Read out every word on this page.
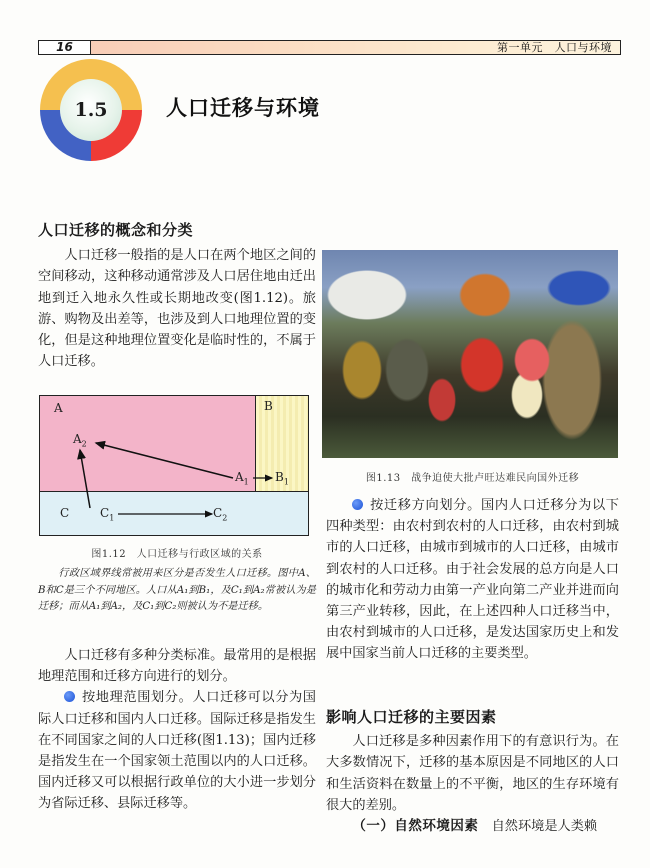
16	第一单元　人口与环境
1.5	人口迁移与环境
人口迁移的概念和分类

人口迁移一般指的是人口在两个地区之间的空间移动，这种移动通常涉及人口居住地由迁出地到迁入地永久性或长期地改变(图1.12)。旅游、购物及出差等，也涉及到人口地理位置的变化，但是这种地理位置变化是临时性的，不属于人口迁移。

A	B
C
$A_2$
$A_1$ $B_1$
$C_1$	$C_2$
图1.12　人口迁移与行政区域的关系

行政区域界线常被用来区分是否发生人口迁移。图中A、B和C是三个不同地区。人口从A₁到B₁，及C₁到A₂常被认为是迁移；而从A₁到A₂，及C₁到C₂则被认为不是迁移。

人口迁移有多种分类标准。最常用的是根据地理范围和迁移方向进行的划分。

按地理范围划分。人口迁移可以分为国际人口迁移和国内人口迁移。国际迁移是指发生在不同国家之间的人口迁移(图1.13)；国内迁移是指发生在一个国家领土范围以内的人口迁移。国内迁移又可以根据行政单位的大小进一步划分为省际迁移、县际迁移等。

图1.13　战争迫使大批卢旺达难民向国外迁移

按迁移方向划分。国内人口迁移分为以下四种类型：由农村到农村的人口迁移，由农村到城市的人口迁移，由城市到城市的人口迁移，由城市到农村的人口迁移。由于社会发展的总方向是人口的城市化和劳动力由第一产业向第二产业并进而向第三产业转移，因此，在上述四种人口迁移当中，由农村到城市的人口迁移，是发达国家历史上和发展中国家当前人口迁移的主要类型。

影响人口迁移的主要因素

人口迁移是多种因素作用下的有意识行为。在大多数情况下，迁移的基本原因是不同地区的人口和生活资料在数量上的不平衡，地区的生存环境有很大的差别。

（一）自然环境因素　自然环境是人类赖
